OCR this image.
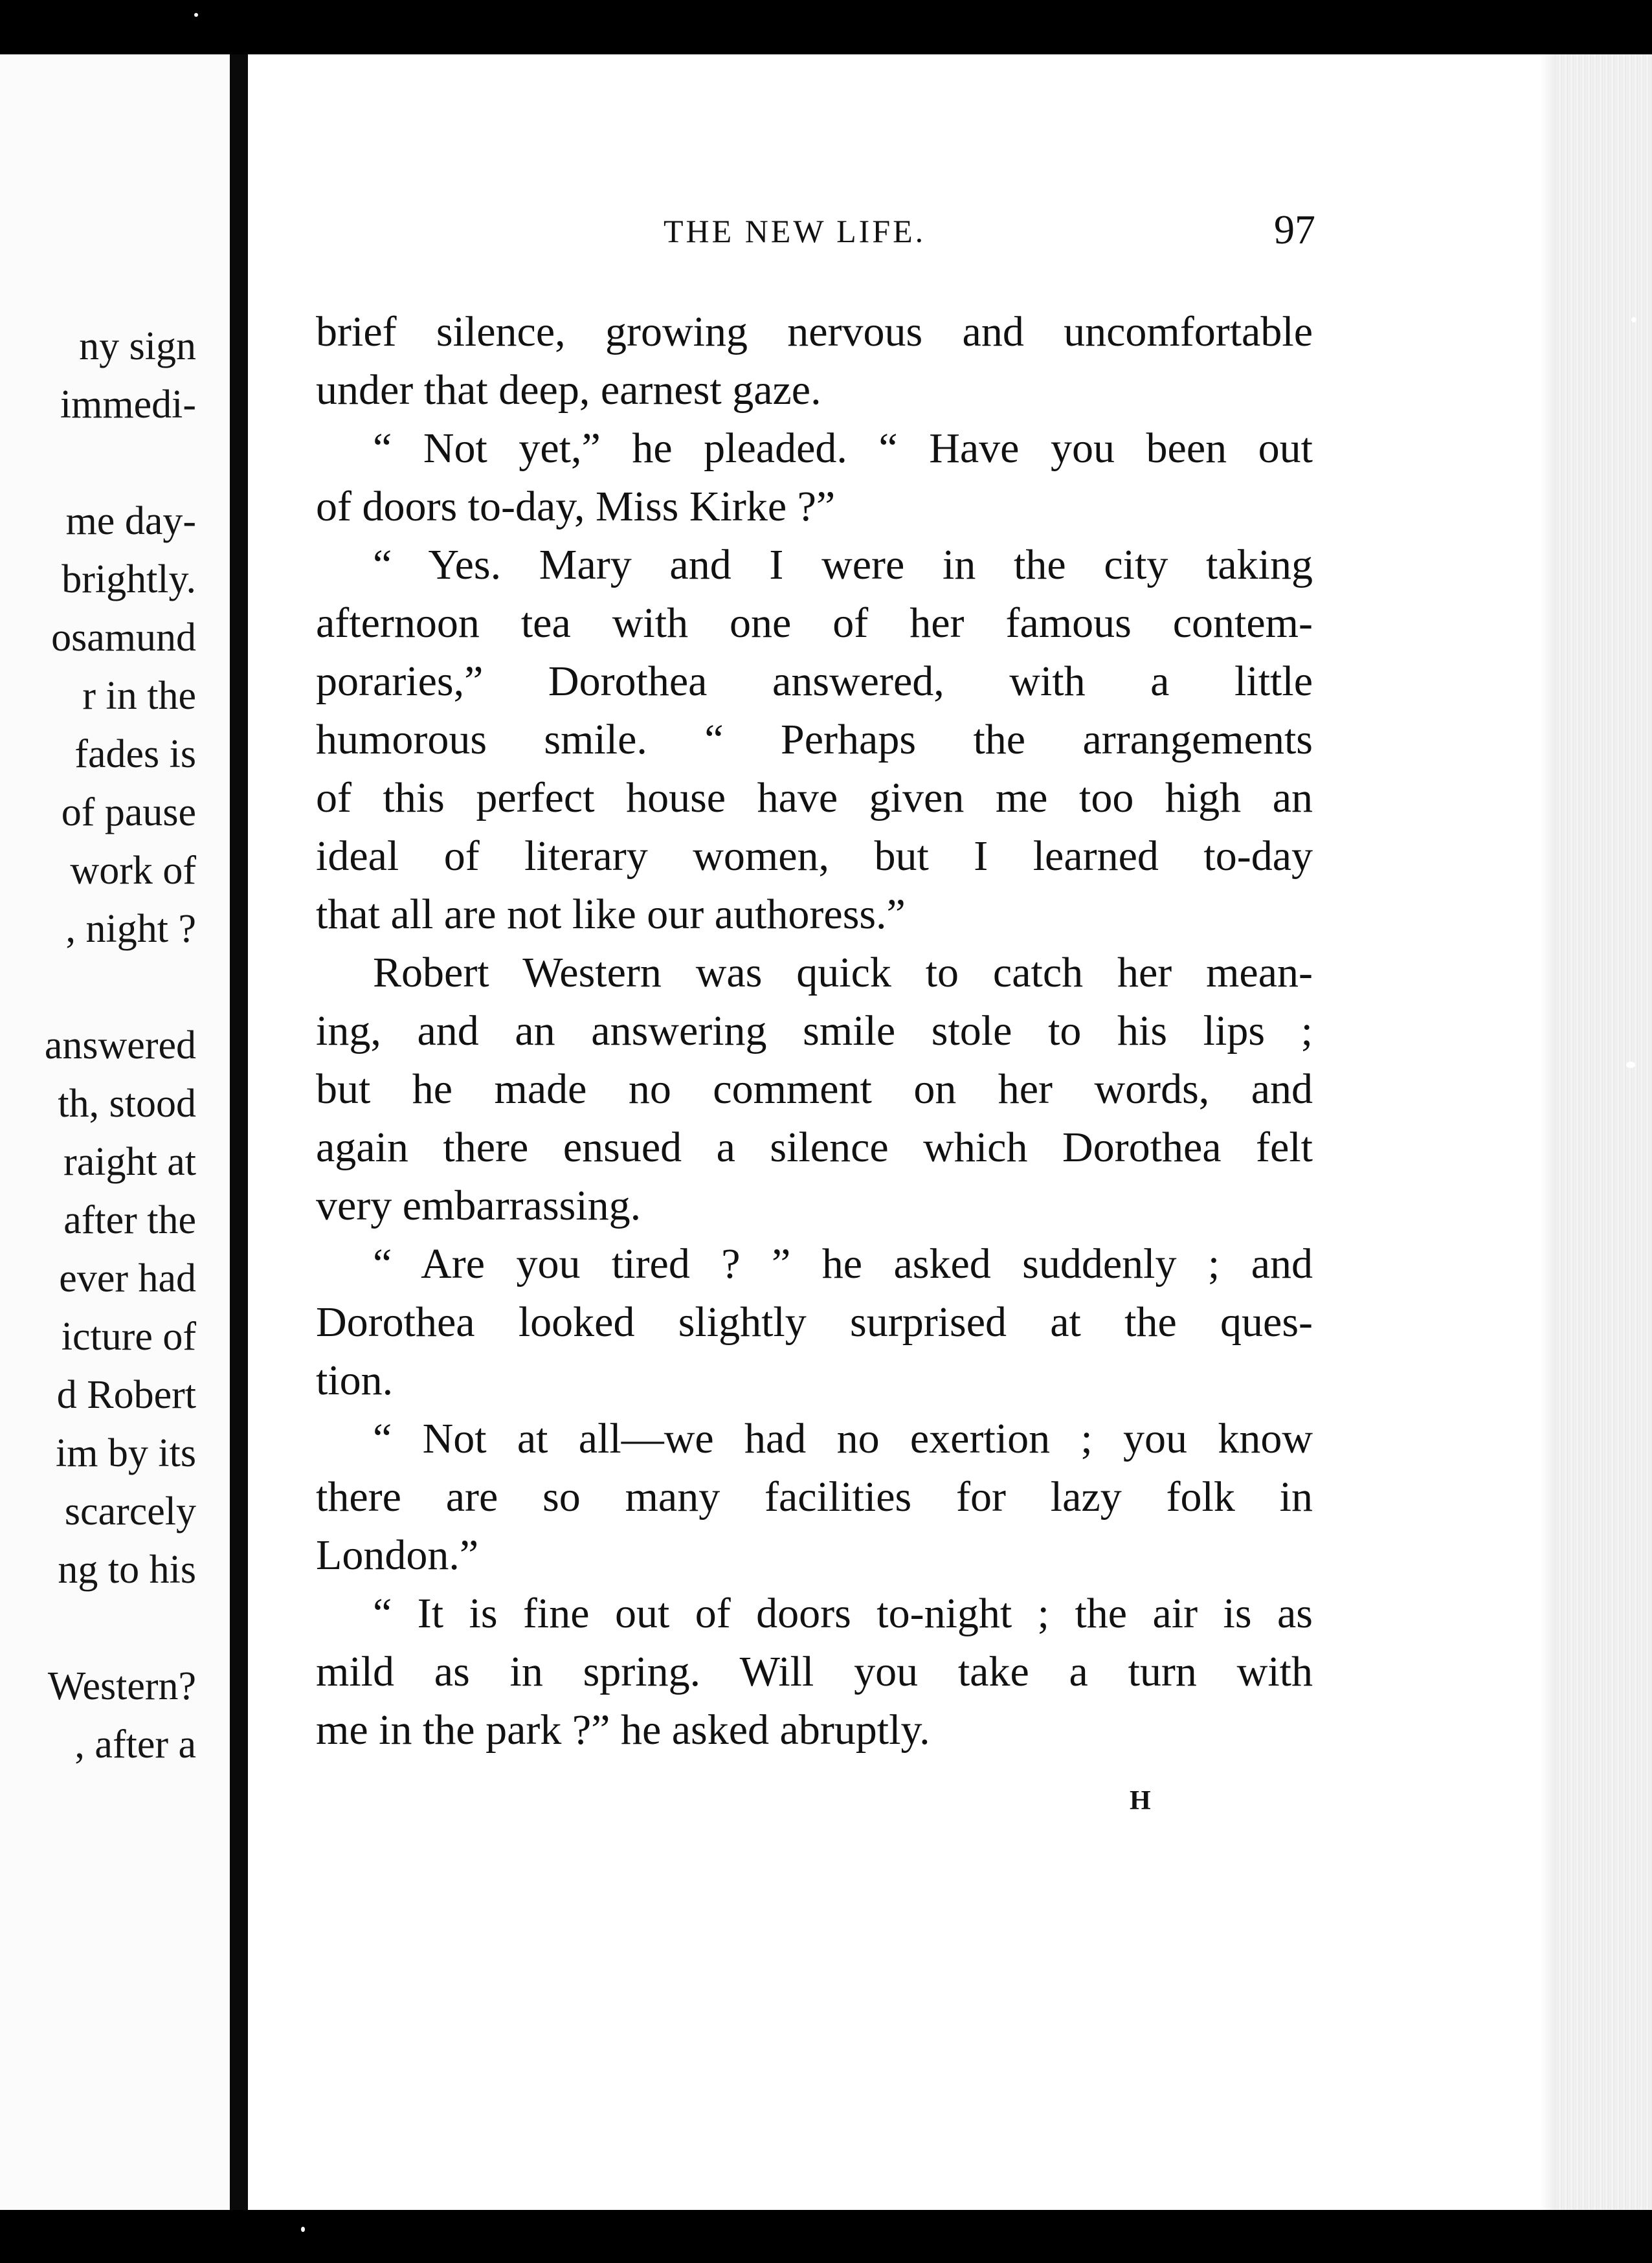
ny sign
immedi-
me day-
brightly.
osamund
r in the
fades is
of pause
work of
, night ?
answered
th, stood
raight at
after the
ever had
icture of
d Robert
im by its
scarcely
ng to his
Western?
, after a
THE NEW LIFE.	97
brief silence, growing nervous and uncomfortable
under that deep, earnest gaze.
“ Not yet,” he pleaded. “ Have you been out
of doors to-day, Miss Kirke ?”
“ Yes. Mary and I were in the city taking
afternoon tea with one of her famous contem-
poraries,” Dorothea answered, with a little
humorous smile. “ Perhaps the arrangements
of this perfect house have given me too high an
ideal of literary women, but I learned to-day
that all are not like our authoress.”
Robert Western was quick to catch her mean-
ing, and an answering smile stole to his lips ;
but he made no comment on her words, and
again there ensued a silence which Dorothea felt
very embarrassing.
“ Are you tired ? ” he asked suddenly ; and
Dorothea looked slightly surprised at the ques-
tion.
“ Not at all—we had no exertion ; you know
there are so many facilities for lazy folk in
London.”
“ It is fine out of doors to-night ; the air is as
mild as in spring. Will you take a turn with
me in the park ?” he asked abruptly.
H
